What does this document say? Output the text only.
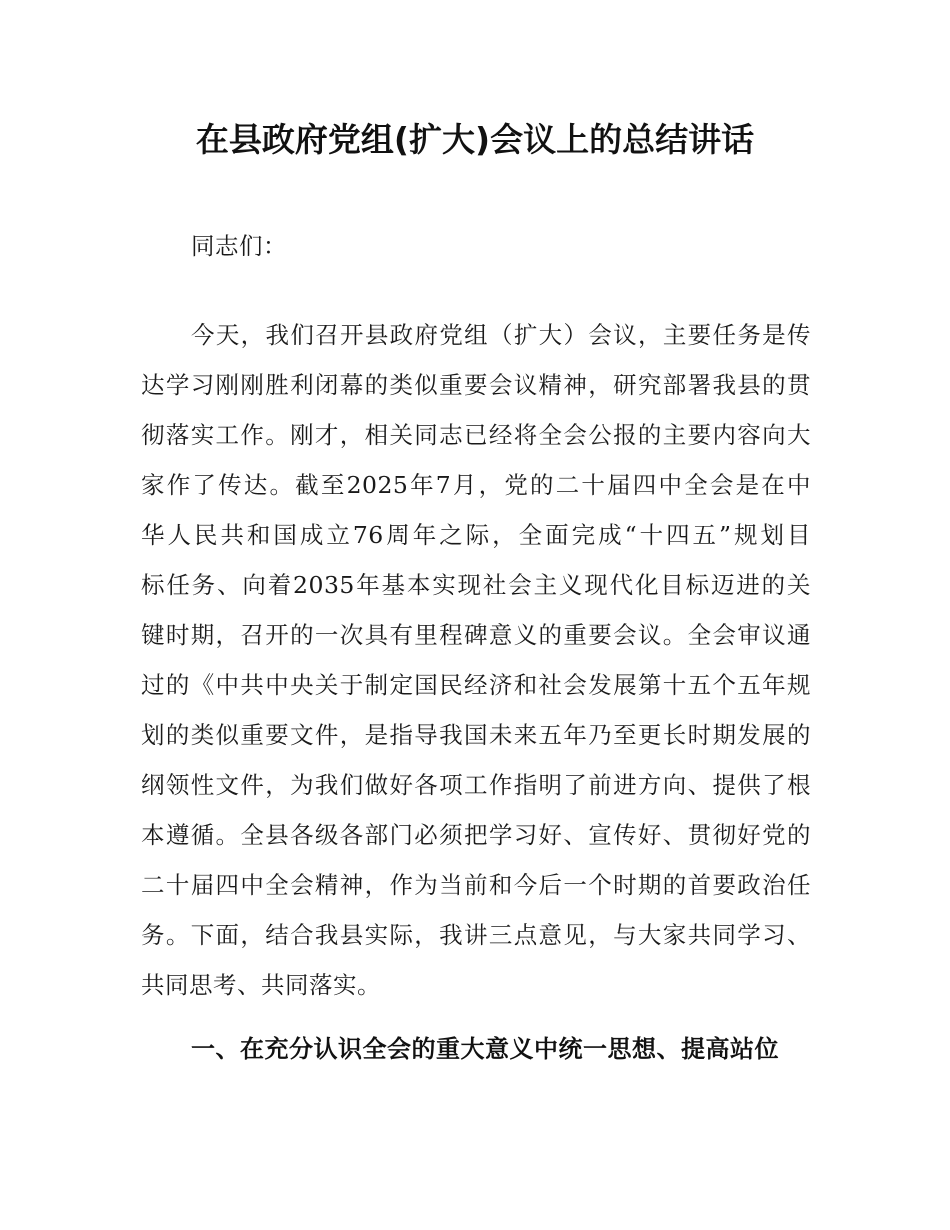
在县政府党组(扩大)会议上的总结讲话
同志们：
今天，我们召开县政府党组（扩大）会议，主要任务是传
达学习刚刚胜利闭幕的类似重要会议精神，研究部署我县的贯
彻落实工作。刚才，相关同志已经将全会公报的主要内容向大
家作了传达。截至2025年7月，党的二十届四中全会是在中
华人民共和国成立76周年之际，全面完成“十四五”规划目
标任务、向着2035年基本实现社会主义现代化目标迈进的关
键时期，召开的一次具有里程碑意义的重要会议。全会审议通
过的《中共中央关于制定国民经济和社会发展第十五个五年规
划的类似重要文件，是指导我国未来五年乃至更长时期发展的
纲领性文件，为我们做好各项工作指明了前进方向、提供了根
本遵循。全县各级各部门必须把学习好、宣传好、贯彻好党的
二十届四中全会精神，作为当前和今后一个时期的首要政治任
务。下面，结合我县实际，我讲三点意见，与大家共同学习、
共同思考、共同落实。
一、在充分认识全会的重大意义中统一思想、提高站位
